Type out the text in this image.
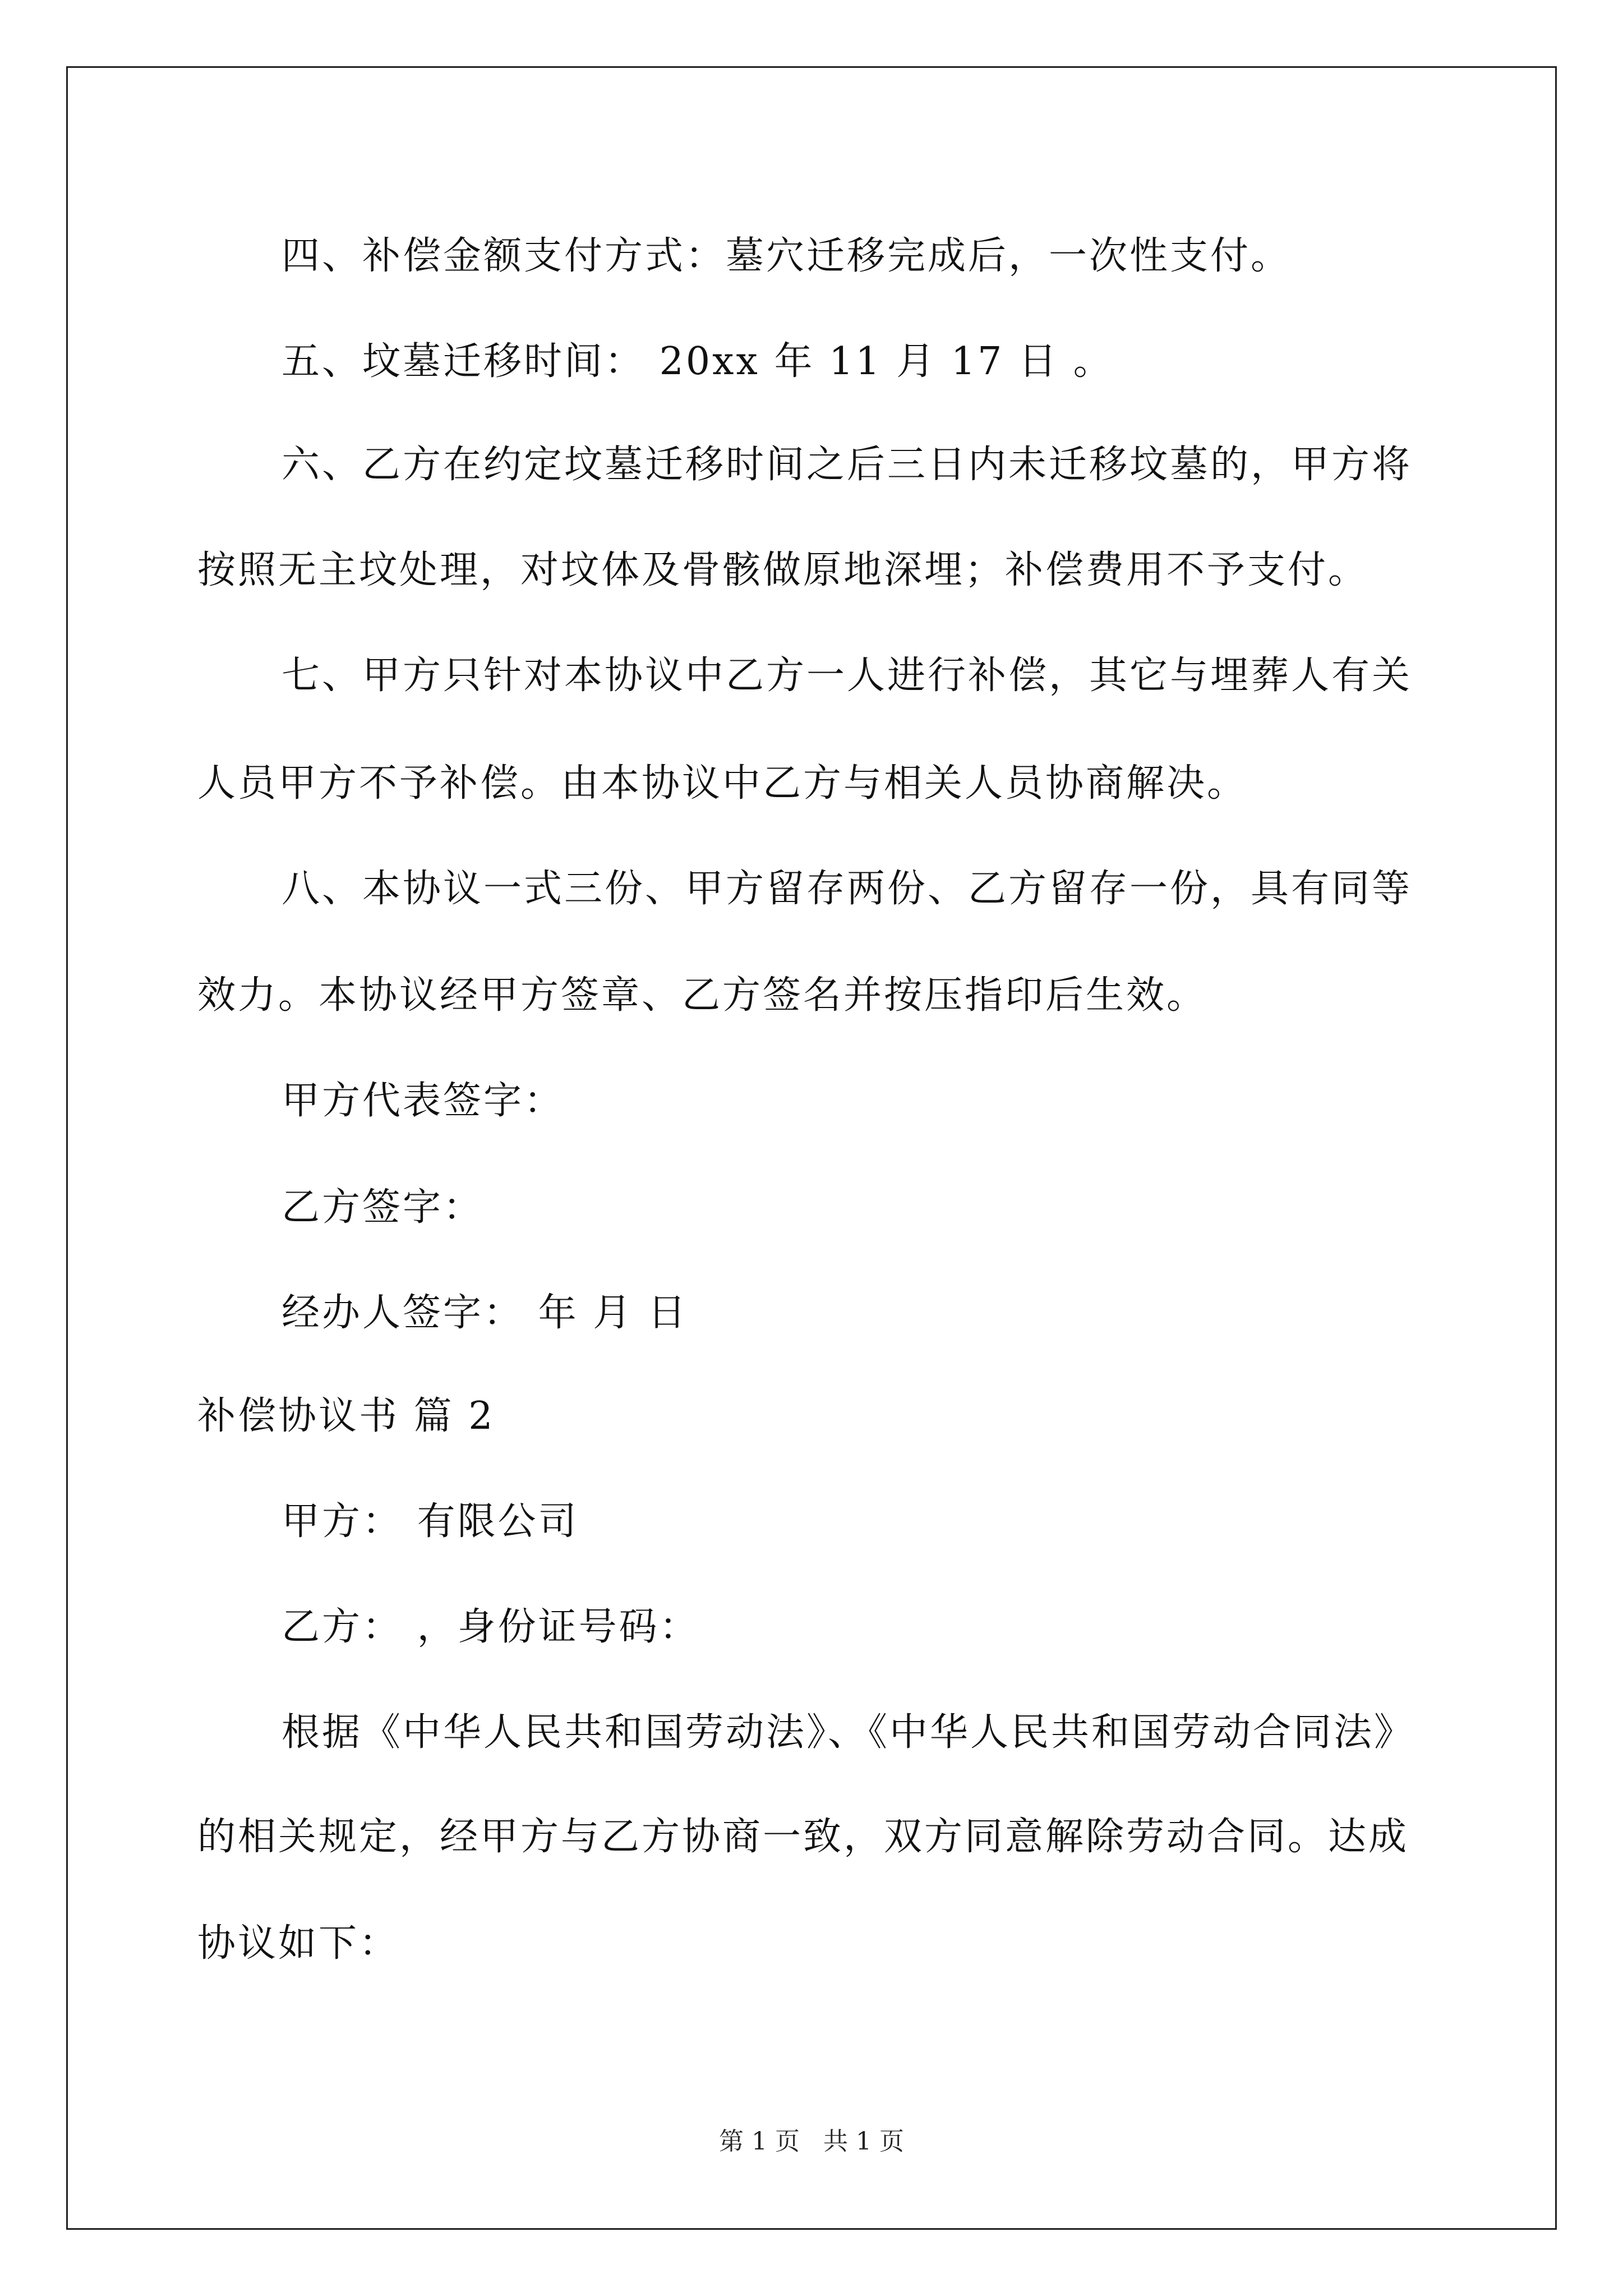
四、补偿金额支付方式：墓穴迁移完成后，一次性支付。
五、坟墓迁移时间： 20xx 年 11 月 17 日 。
六、乙方在约定坟墓迁移时间之后三日内未迁移坟墓的，甲方将
按照无主坟处理，对坟体及骨骸做原地深埋；补偿费用不予支付。
七、甲方只针对本协议中乙方一人进行补偿，其它与埋葬人有关
人员甲方不予补偿。由本协议中乙方与相关人员协商解决。
八、本协议一式三份、甲方留存两份、乙方留存一份，具有同等
效力。本协议经甲方签章、乙方签名并按压指印后生效。
甲方代表签字：
乙方签字：
经办人签字： 年 月 日
补偿协议书 篇 2
甲方： 有限公司
乙方： ，身份证号码：
根据《中华人民共和国劳动法》、《中华人民共和国劳动合同法》
的相关规定，经甲方与乙方协商一致，双方同意解除劳动合同。达成
协议如下：
第 1 页   共 1 页
